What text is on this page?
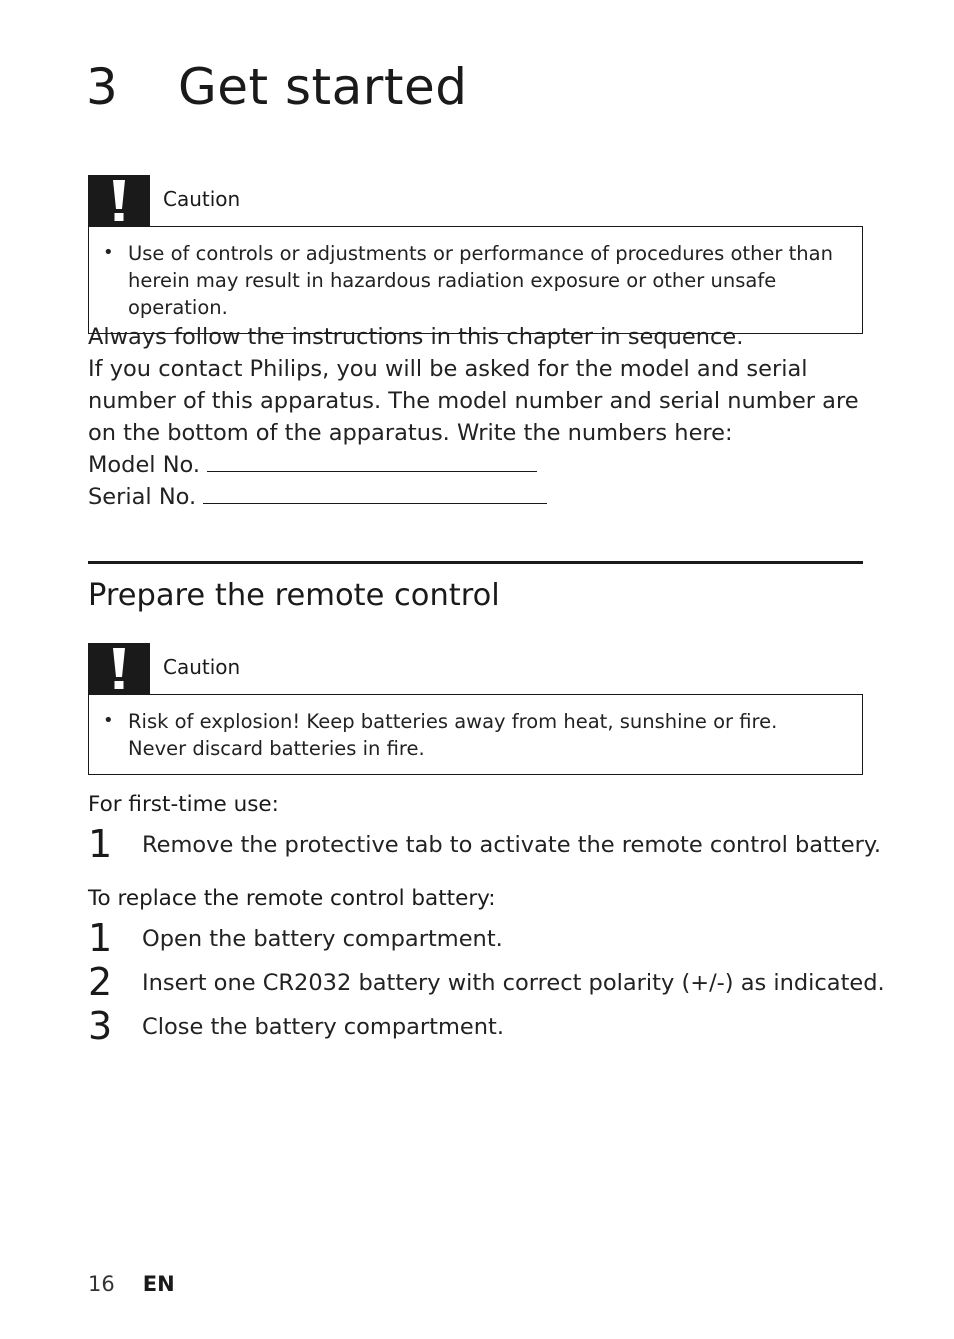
3 Get started
Caution
• Use of controls or adjustments or performance of procedures other than herein may result in hazardous radiation exposure or other unsafe operation.
Always follow the instructions in this chapter in sequence.
If you contact Philips, you will be asked for the model and serial number of this apparatus. The model number and serial number are on the bottom of the apparatus. Write the numbers here:
Model No.
Serial No.
Prepare the remote control
Caution
• Risk of explosion! Keep batteries away from heat, sunshine or fire. Never discard batteries in fire.
For first-time use:
1 Remove the protective tab to activate the remote control battery.
To replace the remote control battery:
1 Open the battery compartment.
2 Insert one CR2032 battery with correct polarity (+/-) as indicated.
3 Close the battery compartment.
16 EN
